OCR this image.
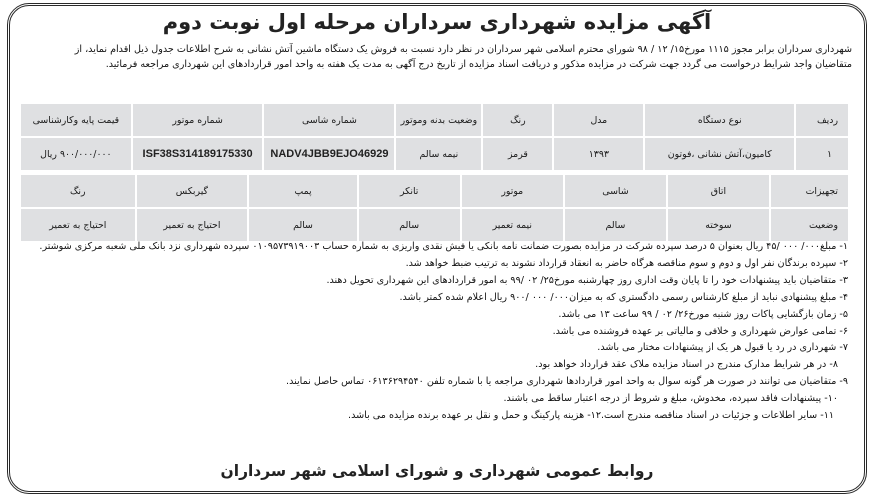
آگهی مزایده شهرداری سرداران مرحله اول نوبت دوم
شهرداری سرداران برابر مجوز ۱۱۱۵ مورخ۱۵/ ۱۲ / ۹۸ شورای محترم اسلامی شهر سرداران در نظر دارد نسبت به فروش یک دستگاه ماشین آتش نشانی به شرح اطلاعات جدول ذیل اقدام نماید، از
متقاضیان واجد شرایط درخواست می گردد جهت شرکت در مزایده مذکور و دریافت اسناد مزایده از تاریخ درج آگهی به مدت یک هفته به واحد امور قراردادهای این شهرداری مراجعه فرمائید.
ردیف	نوع دستگاه	مدل	رنگ	وضعیت بدنه وموتور	شماره شاسی	شماره موتور	قیمت پایه وکارشناسی
۱	کامیون،آتش نشانی ،فوتون	۱۳۹۳	قرمز	نیمه سالم	NADV4JBB9EJO46929	ISF38S314189175330	۹۰۰/۰۰۰/۰۰۰ ریال
تجهیزات	اتاق	شاسی	موتور	تانکر	پمپ	گیربکس	رنگ
وضعیت	سوخته	سالم	نیمه تعمیر	سالم	سالم	احتیاج به تعمیر	احتیاج به تعمیر
۱- مبلغ۰۰۰/ ۰۰۰ /۴۵ ریال بعنوان ۵ درصد سپرده شرکت در مزایده بصورت ضمانت نامه بانکی یا فیش نقدی واریزی به شماره حساب ۰۱۰۹۵۷۳۹۱۹۰۰۳ سپرده شهرداری نزد بانک ملی شعبه مرکزی شوشتر.
۲- سپرده برندگان نفر اول و دوم و سوم مناقصه هرگاه حاضر به انعقاد قرارداد نشوند به ترتیب ضبط خواهد شد.
۳- متقاضیان باید پیشنهادات خود را تا پایان وقت اداری روز چهارشنبه مورخ۲۵/ ۰۲ /۹۹ به امور قراردادهای این شهرداری تحویل دهند.
۴- مبلغ پیشنهادی نباید از مبلغ کارشناس رسمی دادگستری که به میزان۰۰۰/ ۰۰۰ /۹۰۰ ریال اعلام شده کمتر باشد.
۵- زمان بازگشایی پاکات روز شنبه مورخ۲۶/ ۰۲ / ۹۹ ساعت ۱۳ می باشد.
۶- تمامی عوارض شهرداری و خلافی و مالیاتی بر عهده فروشنده می باشد.
۷- شهرداری در رد یا قبول هر یک از پیشنهادات مختار می باشد.
۸- در هر شرایط مدارک مندرج در اسناد مزایده ملاک عقد قرارداد خواهد بود.
۹- متقاضیان می توانند در صورت هر گونه سوال به واحد امور قراردادها شهرداری مراجعه یا با شماره تلفن ۰۶۱۳۶۲۹۴۵۴۰ تماس حاصل نمایند.
۱۰- پیشنهادات فاقد سپرده، مخدوش، مبلغ و شروط از درجه اعتبار ساقط می باشند.
۱۱- سایر اطلاعات و جزئیات در اسناد مناقصه مندرج است.۱۲- هزینه پارکینگ و حمل و نقل بر عهده برنده مزایده می باشد.
روابط عمومی شهرداری و شورای اسلامی شهر سرداران
